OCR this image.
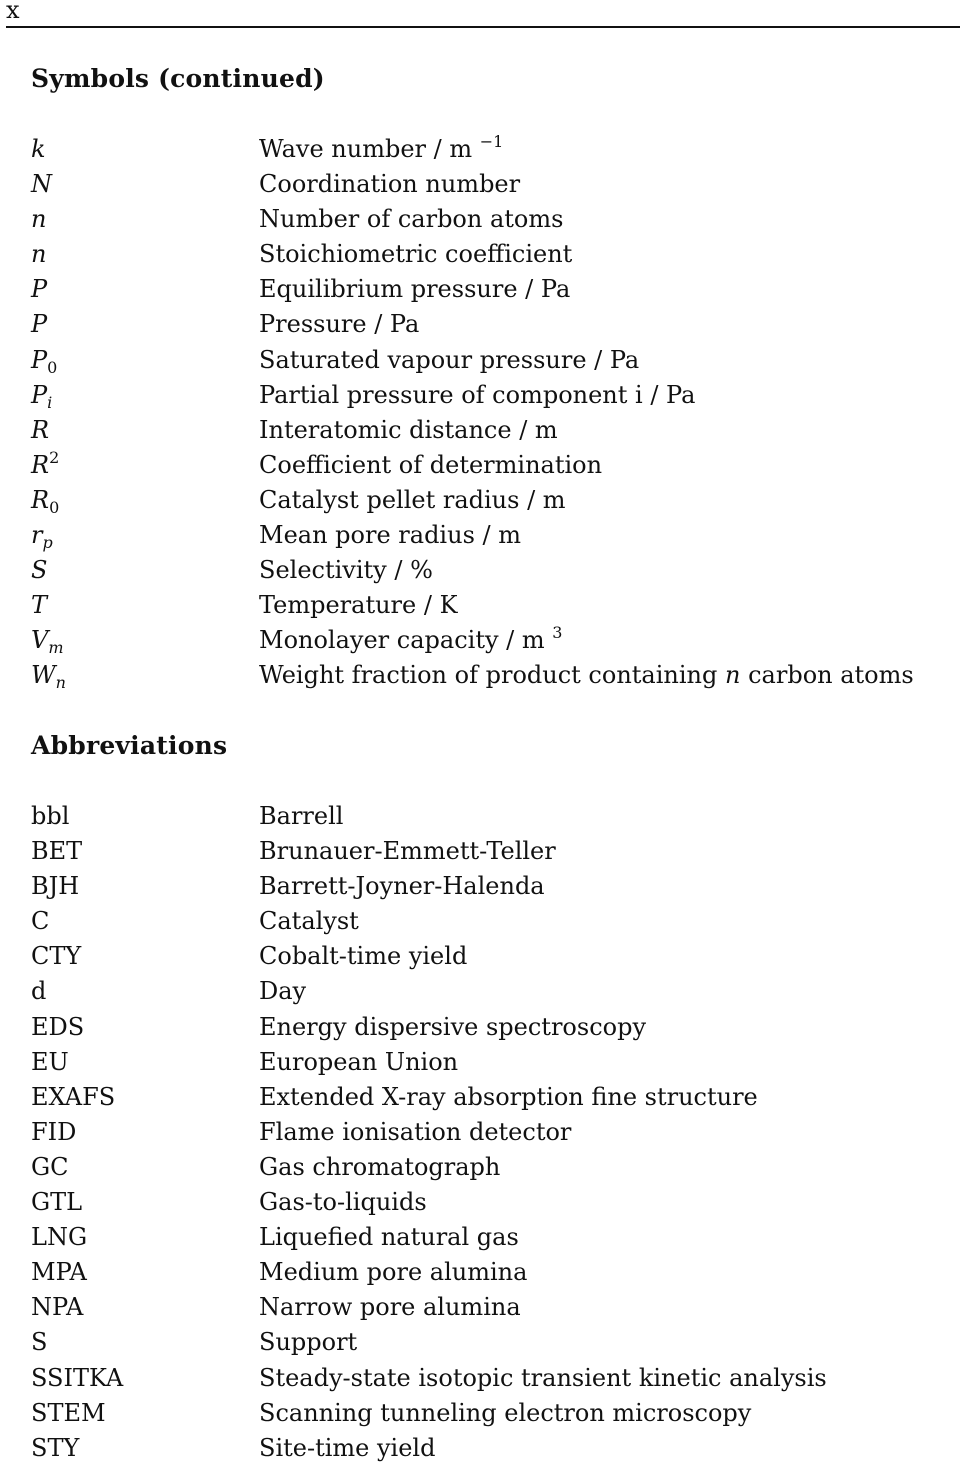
x
Symbols (continued)
k	Wave number / m $^{-1}$
N	Coordination number
n	Number of carbon atoms
n	Stoichiometric coefficient
P	Equilibrium pressure / Pa
P	Pressure / Pa
$P_0$	Saturated vapour pressure / Pa
$P_i$	Partial pressure of component i / Pa
R	Interatomic distance / m
$R^2$	Coefficient of determination
$R_0$	Catalyst pellet radius / m
$r_p$	Mean pore radius / m
S	Selectivity / %
T	Temperature / K
$V_m$	Monolayer capacity / m $^3$
$W_n$	Weight fraction of product containing n carbon atoms
Abbreviations
bbl	Barrell
BET	Brunauer-Emmett-Teller
BJH	Barrett-Joyner-Halenda
C	Catalyst
CTY	Cobalt-time yield
d	Day
EDS	Energy dispersive spectroscopy
EU	European Union
EXAFS	Extended X-ray absorption fine structure
FID	Flame ionisation detector
GC	Gas chromatograph
GTL	Gas-to-liquids
LNG	Liquefied natural gas
MPA	Medium pore alumina
NPA	Narrow pore alumina
S	Support
SSITKA	Steady-state isotopic transient kinetic analysis
STEM	Scanning tunneling electron microscopy
STY	Site-time yield
